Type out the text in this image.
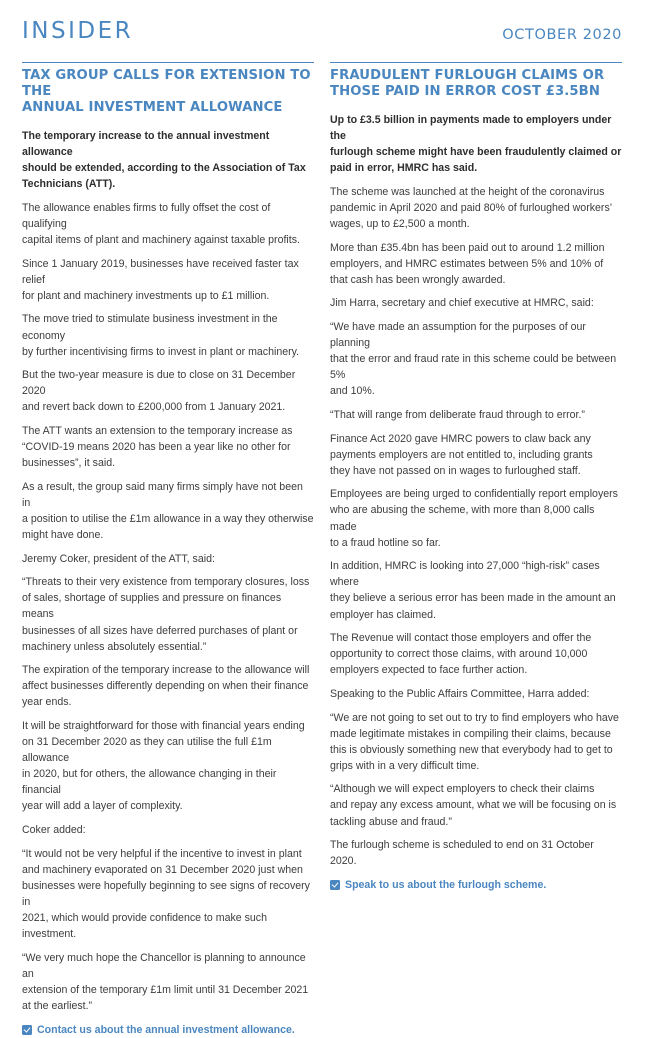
INSIDER	OCTOBER 2020
TAX GROUP CALLS FOR EXTENSION TO THE
ANNUAL INVESTMENT ALLOWANCE

The temporary increase to the annual investment allowance
should be extended, according to the Association of Tax
Technicians (ATT).

The allowance enables firms to fully offset the cost of qualifying
capital items of plant and machinery against taxable profits.

Since 1 January 2019, businesses have received faster tax relief
for plant and machinery investments up to £1 million.

The move tried to stimulate business investment in the economy
by further incentivising firms to invest in plant or machinery.

But the two-year measure is due to close on 31 December 2020
and revert back down to £200,000 from 1 January 2021.

The ATT wants an extension to the temporary increase as
“COVID-19 means 2020 has been a year like no other for
businesses”, it said.

As a result, the group said many firms simply have not been in
a position to utilise the £1m allowance in a way they otherwise
might have done.

Jeremy Coker, president of the ATT, said:

“Threats to their very existence from temporary closures, loss
of sales, shortage of supplies and pressure on finances means
businesses of all sizes have deferred purchases of plant or
machinery unless absolutely essential.”

The expiration of the temporary increase to the allowance will
affect businesses differently depending on when their finance
year ends.

It will be straightforward for those with financial years ending
on 31 December 2020 as they can utilise the full £1m allowance
in 2020, but for others, the allowance changing in their financial
year will add a layer of complexity.

Coker added:

“It would not be very helpful if the incentive to invest in plant
and machinery evaporated on 31 December 2020 just when
businesses were hopefully beginning to see signs of recovery in
2021, which would provide confidence to make such investment.

“We very much hope the Chancellor is planning to announce an
extension of the temporary £1m limit until 31 December 2021
at the earliest.”

Contact us about the annual investment allowance.
FRAUDULENT FURLOUGH CLAIMS OR
THOSE PAID IN ERROR COST £3.5BN

Up to £3.5 billion in payments made to employers under the
furlough scheme might have been fraudulently claimed or
paid in error, HMRC has said.

The scheme was launched at the height of the coronavirus
pandemic in April 2020 and paid 80% of furloughed workers’
wages, up to £2,500 a month.

More than £35.4bn has been paid out to around 1.2 million
employers, and HMRC estimates between 5% and 10% of
that cash has been wrongly awarded.

Jim Harra, secretary and chief executive at HMRC, said:

“We have made an assumption for the purposes of our planning
that the error and fraud rate in this scheme could be between 5%
and 10%.

“That will range from deliberate fraud through to error.”

Finance Act 2020 gave HMRC powers to claw back any
payments employers are not entitled to, including grants
they have not passed on in wages to furloughed staff.

Employees are being urged to confidentially report employers
who are abusing the scheme, with more than 8,000 calls made
to a fraud hotline so far.

In addition, HMRC is looking into 27,000 “high-risk” cases where
they believe a serious error has been made in the amount an
employer has claimed.

The Revenue will contact those employers and offer the
opportunity to correct those claims, with around 10,000
employers expected to face further action.

Speaking to the Public Affairs Committee, Harra added:

“We are not going to set out to try to find employers who have
made legitimate mistakes in compiling their claims, because
this is obviously something new that everybody had to get to
grips with in a very difficult time.

“Although we will expect employers to check their claims
and repay any excess amount, what we will be focusing on is
tackling abuse and fraud.”

The furlough scheme is scheduled to end on 31 October 2020.

Speak to us about the furlough scheme.
